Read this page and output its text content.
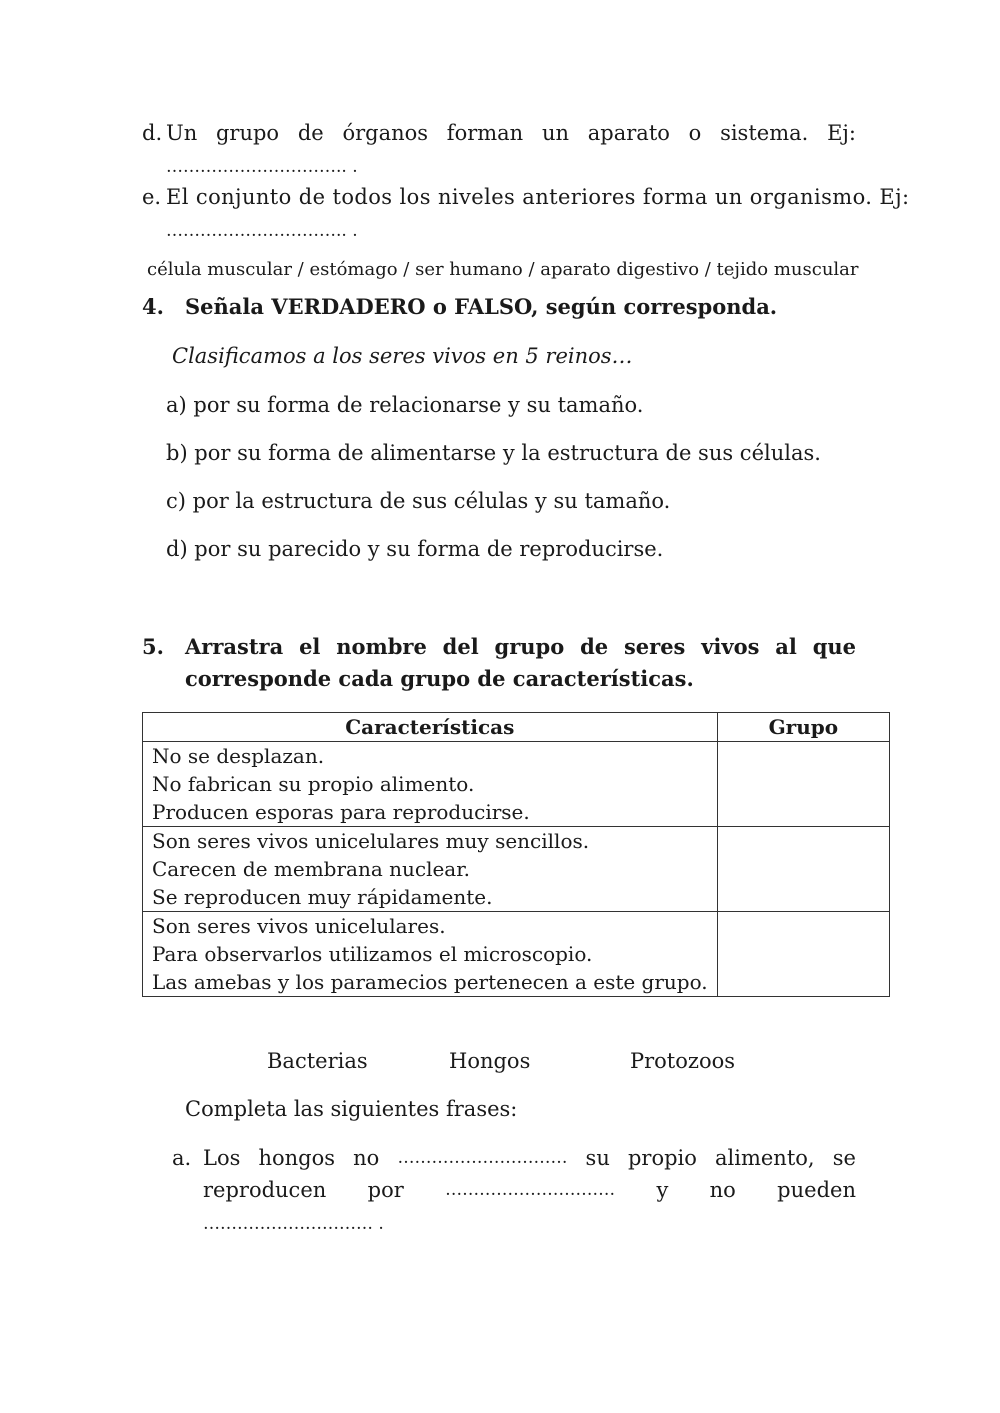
d. Un grupo de órganos forman un aparato o sistema. Ej:
………………………….. .
e. El conjunto de todos los niveles anteriores forma un organismo. Ej:
………………………….. .
célula muscular / estómago / ser humano / aparato digestivo / tejido muscular
4. Señala VERDADERO o FALSO, según corresponda.
Clasificamos a los seres vivos en 5 reinos…
a) por su forma de relacionarse y su tamaño.
b) por su forma de alimentarse y la estructura de sus células.
c) por la estructura de sus células y su tamaño.
d) por su parecido y su forma de reproducirse.
5. Arrastra el nombre del grupo de seres vivos al que
corresponde cada grupo de características.
Características	Grupo

No se desplazan.
No fabrican su propio alimento.
Producen esporas para reproducirse.	

Son seres vivos unicelulares muy sencillos.
Carecen de membrana nuclear.
Se reproducen muy rápidamente.	

Son seres vivos unicelulares.
Para observarlos utilizamos el microscopio.
Las amebas y los paramecios pertenecen a este grupo.	

Bacterias	Hongos	Protozoos
Completa las siguientes frases:
a. Los hongos no ………………………… su propio alimento, se
reproducen por ………………………… y no pueden
………………………… .
